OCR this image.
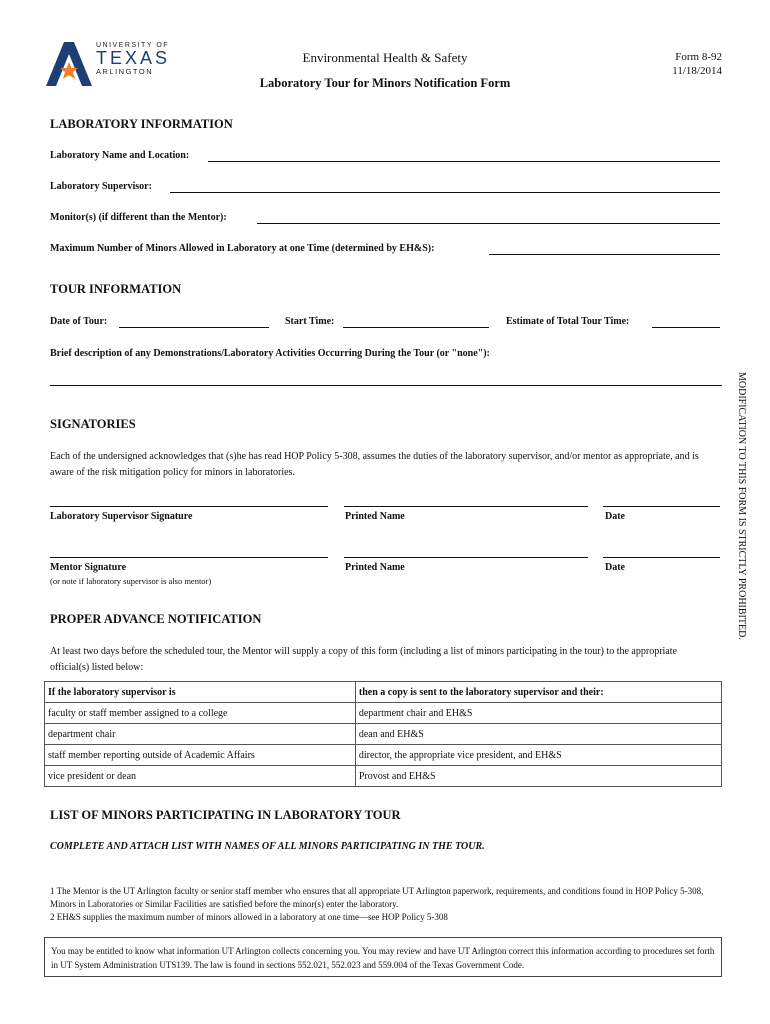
UNIVERSITY OF
TEXAS
ARLINGTON
Environmental Health & Safety
Laboratory Tour for Minors Notification Form
Form 8-92
11/18/2014
LABORATORY INFORMATION
Laboratory Name and Location:
Laboratory Supervisor:
Monitor(s) (if different than the Mentor):
Maximum Number of Minors Allowed in Laboratory at one Time (determined by EH&S):
TOUR INFORMATION
Date of Tour:	Start Time:	Estimate of Total Tour Time:
Brief description of any Demonstrations/Laboratory Activities Occurring During the Tour (or "none"):
MODIFICATION TO THIS FORM IS STRICTLY PROHIBITED.
SIGNATORIES
Each of the undersigned acknowledges that (s)he has read HOP Policy 5-308, assumes the duties of the laboratory supervisor, and/or mentor as appropriate, and is aware of the risk mitigation policy for minors in laboratories.
Laboratory Supervisor Signature	Printed Name	Date
Mentor Signature	Printed Name	Date
(or note if laboratory supervisor is also mentor)
PROPER ADVANCE NOTIFICATION
At least two days before the scheduled tour, the Mentor will supply a copy of this form (including a list of minors participating in the tour) to the appropriate official(s) listed below:
If the laboratory supervisor is	then a copy is sent to the laboratory supervisor and their:
faculty or staff member assigned to a college	department chair and EH&S
department chair	dean and EH&S
staff member reporting outside of Academic Affairs	director, the appropriate vice president, and EH&S
vice president or dean	Provost and EH&S
LIST OF MINORS PARTICIPATING IN LABORATORY TOUR
COMPLETE AND ATTACH LIST WITH NAMES OF ALL MINORS PARTICIPATING IN THE TOUR.
1 The Mentor is the UT Arlington faculty or senior staff member who ensures that all appropriate UT Arlington paperwork, requirements, and conditions found in HOP Policy 5-308, Minors in Laboratories or Similar Facilities are satisfied before the minor(s) enter the laboratory.
2 EH&S supplies the maximum number of minors allowed in a laboratory at one time—see HOP Policy 5-308
You may be entitled to know what information UT Arlington collects concerning you. You may review and have UT Arlington correct this information according to procedures set forth in UT System Administration UTS139. The law is found in sections 552.021, 552.023 and 559.004 of the Texas Government Code.
